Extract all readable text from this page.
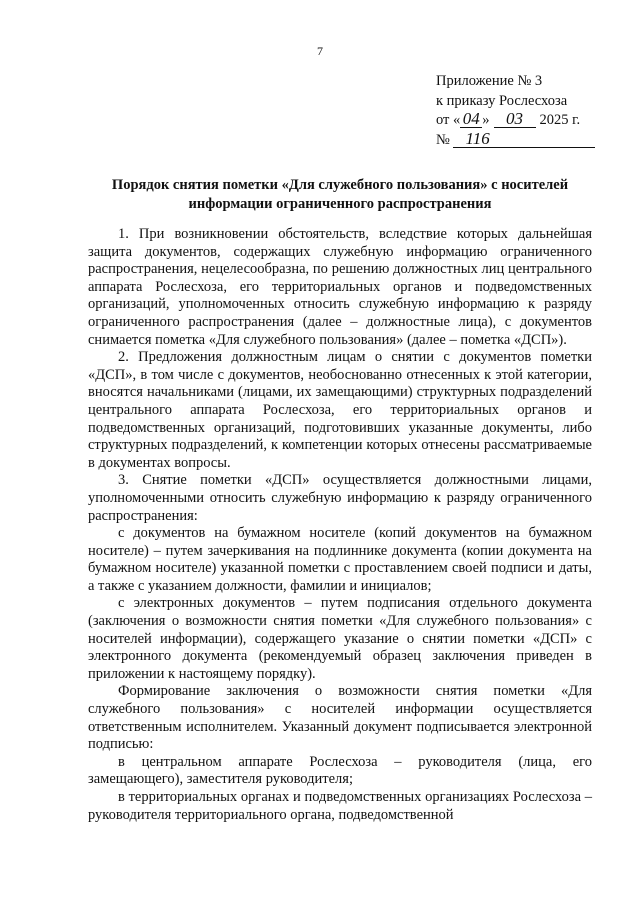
7
Приложение № 3
к приказу Рослесхоза
от « 04 » 03 2025 г.
№ 116
Порядок снятия пометки «Для служебного пользования» с носителей информации ограниченного распространения

1. При возникновении обстоятельств, вследствие которых дальнейшая защита документов, содержащих служебную информацию ограниченного распространения, нецелесообразна, по решению должностных лиц центрального аппарата Рослесхоза, его территориальных органов и подведомственных организаций, уполномоченных относить служебную информацию к разряду ограниченного распространения (далее – должностные лица), с документов снимается пометка «Для служебного пользования» (далее – пометка «ДСП»).

2. Предложения должностным лицам о снятии с документов пометки «ДСП», в том числе с документов, необоснованно отнесенных к этой категории, вносятся начальниками (лицами, их замещающими) структурных подразделений центрального аппарата Рослесхоза, его территориальных органов и подведомственных организаций, подготовивших указанные документы, либо структурных подразделений, к компетенции которых отнесены рассматриваемые в документах вопросы.

3. Снятие пометки «ДСП» осуществляется должностными лицами, уполномоченными относить служебную информацию к разряду ограниченного распространения:

с документов на бумажном носителе (копий документов на бумажном носителе) – путем зачеркивания на подлиннике документа (копии документа на бумажном носителе) указанной пометки с проставлением своей подписи и даты, а также с указанием должности, фамилии и инициалов;

с электронных документов – путем подписания отдельного документа (заключения о возможности снятия пометки «Для служебного пользования» с носителей информации), содержащего указание о снятии пометки «ДСП» с электронного документа (рекомендуемый образец заключения приведен в приложении к настоящему порядку).

Формирование заключения о возможности снятия пометки «Для служебного пользования» с носителей информации осуществляется ответственным исполнителем. Указанный документ подписывается электронной подписью:

в центральном аппарате Рослесхоза – руководителя (лица, его замещающего), заместителя руководителя;

в территориальных органах и подведомственных организациях Рослесхоза – руководителя территориального органа, подведомственной
